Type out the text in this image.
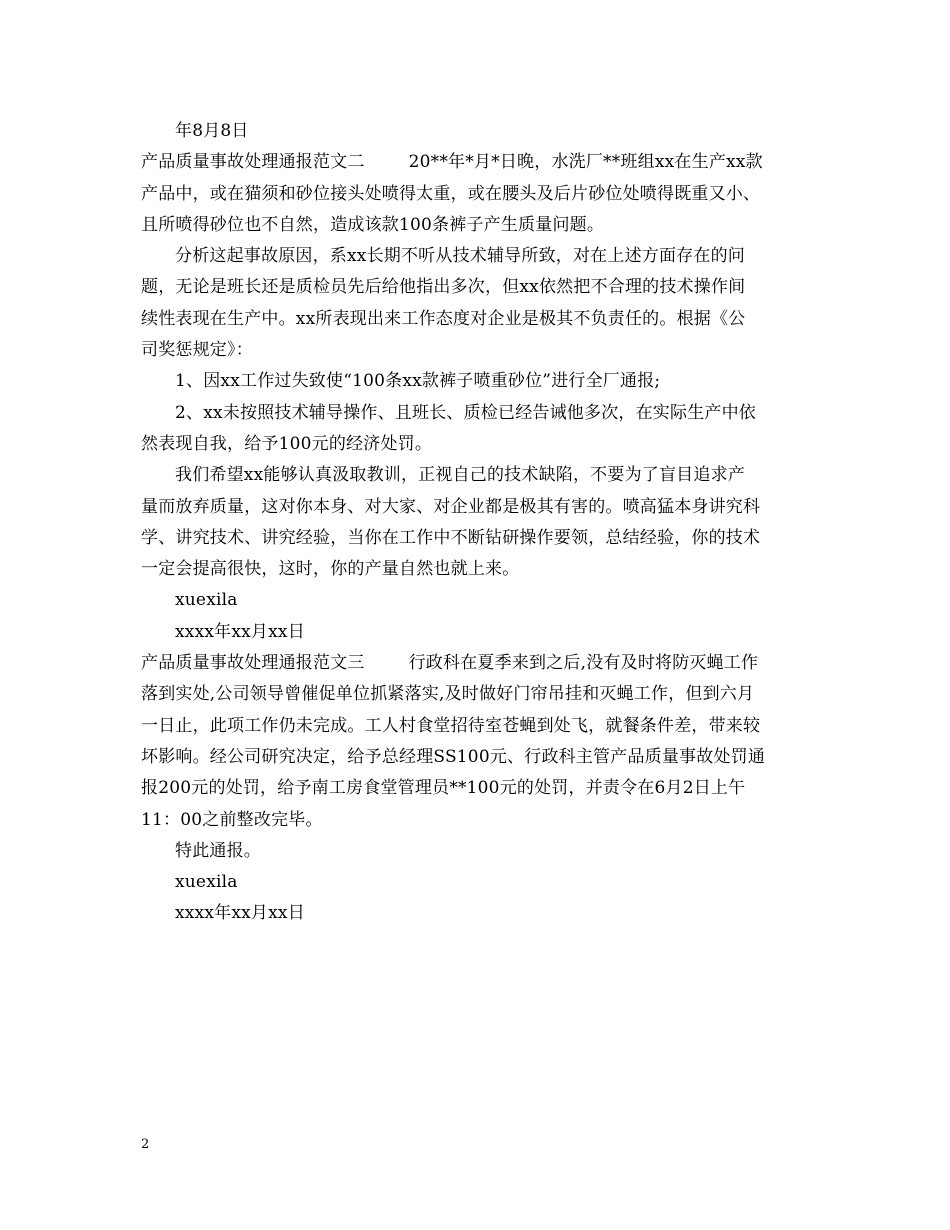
年8月8日

产品质量事故处理通报范文二	20**年*月*日晚，水洗厂**班组xx在生产xx款

产品中，或在猫须和砂位接头处喷得太重，或在腰头及后片砂位处喷得既重又小、

且所喷得砂位也不自然，造成该款100条裤子产生质量问题。

分析这起事故原因，系xx长期不听从技术辅导所致，对在上述方面存在的问

题，无论是班长还是质检员先后给他指出多次，但xx依然把不合理的技术操作间

续性表现在生产中。xx所表现出来工作态度对企业是极其不负责任的。根据《公

司奖惩规定》：

1、因xx工作过失致使“100条xx款裤子喷重砂位”进行全厂通报;

2、xx未按照技术辅导操作、且班长、质检已经告诫他多次，在实际生产中依

然表现自我，给予100元的经济处罚。

我们希望xx能够认真汲取教训，正视自己的技术缺陷，不要为了盲目追求产

量而放弃质量，这对你本身、对大家、对企业都是极其有害的。喷高猛本身讲究科

学、讲究技术、讲究经验，当你在工作中不断钻研操作要领，总结经验，你的技术

一定会提高很快，这时，你的产量自然也就上来。

xuexila

xxxx年xx月xx日

产品质量事故处理通报范文三	行政科在夏季来到之后,没有及时将防灭蝇工作

落到实处,公司领导曾催促单位抓紧落实,及时做好门帘吊挂和灭蝇工作，但到六月

一日止，此项工作仍未完成。工人村食堂招待室苍蝇到处飞，就餐条件差，带来较

坏影响。经公司研究决定，给予总经理SS100元、行政科主管产品质量事故处罚通

报200元的处罚，给予南工房食堂管理员**100元的处罚，并责令在6月2日上午

11：00之前整改完毕。

特此通报。

xuexila

xxxx年xx月xx日

2
